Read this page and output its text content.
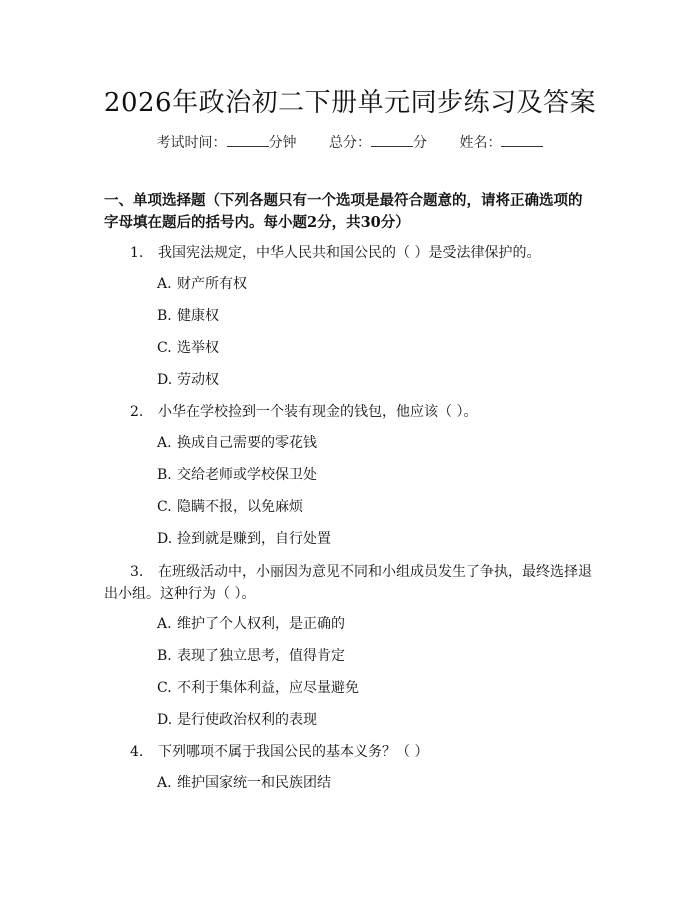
2026年政治初二下册单元同步练习及答案
考试时间：	分钟 总分：	分 姓名：
一、单项选择题（下列各题只有一个选项是最符合题意的，请将正确选项的字母填在题后的括号内。每小题2分，共30分）
1. 我国宪法规定，中华人民共和国公民的（ ）是受法律保护的。
A. 财产所有权
B. 健康权
C. 选举权
D. 劳动权
2. 小华在学校捡到一个装有现金的钱包，他应该（ ）。
A. 换成自己需要的零花钱
B. 交给老师或学校保卫处
C. 隐瞒不报，以免麻烦
D. 捡到就是赚到，自行处置
3. 在班级活动中，小丽因为意见不同和小组成员发生了争执，最终选择退出小组。这种行为（ ）。
A. 维护了个人权利，是正确的
B. 表现了独立思考，值得肯定
C. 不利于集体利益，应尽量避免
D. 是行使政治权利的表现
4. 下列哪项不属于我国公民的基本义务？（ ）
A. 维护国家统一和民族团结
